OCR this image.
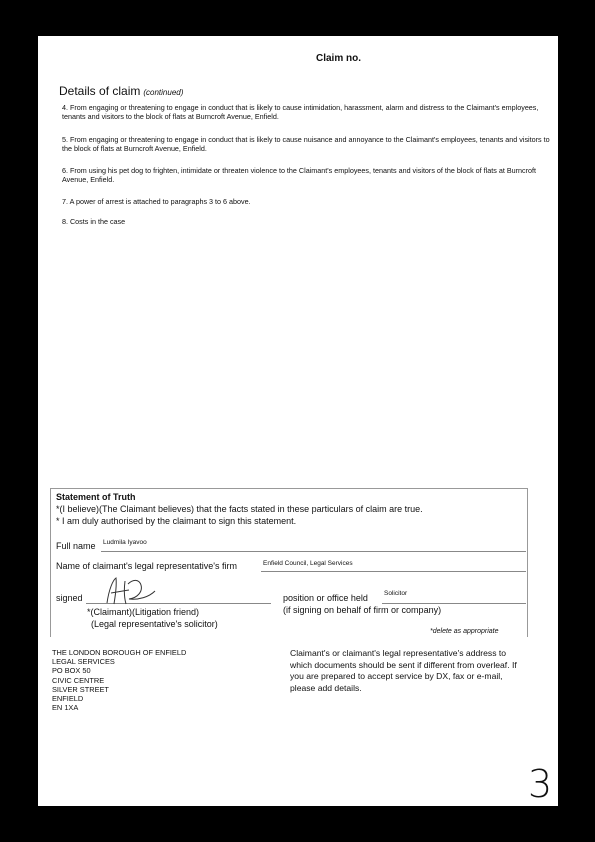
Claim no.
Details of claim (continued)
4. From engaging or threatening to engage in conduct that is likely to cause intimidation, harassment, alarm and distress to the Claimant's employees, tenants and visitors to the block of flats at Burncroft Avenue, Enfield.
5. From engaging or threatening to engage in conduct that is likely to cause nuisance and annoyance to the Claimant's employees, tenants and visitors to the block of flats at Burncroft Avenue, Enfield.
6. From using his pet dog to frighten, intimidate or threaten violence to the Claimant's employees, tenants and visitors of the block of flats at Burncroft Avenue, Enfield.
7. A power of arrest is attached to paragraphs 3 to 6 above.
8. Costs in the case
Statement of Truth
*(I believe)(The Claimant believes) that the facts stated in these particulars of claim are true.
* I am duly authorised by the claimant to sign this statement.
Full name Ludmila Iyavoo
Name of claimant's legal representative's firm	Enfield Council, Legal Services
signed	position or office held Solicitor
*(Claimant)(Litigation friend)
(Legal representative's solicitor)
(if signing on behalf of firm or company)
*delete as appropriate
THE LONDON BOROUGH OF ENFIELD
LEGAL SERVICES
PO BOX 50
CIVIC CENTRE
SILVER STREET
ENFIELD
EN 1XA
Claimant's or claimant's legal representative's address to which documents should be sent if different from overleaf. If you are prepared to accept service by DX, fax or e-mail, please add details.
3
